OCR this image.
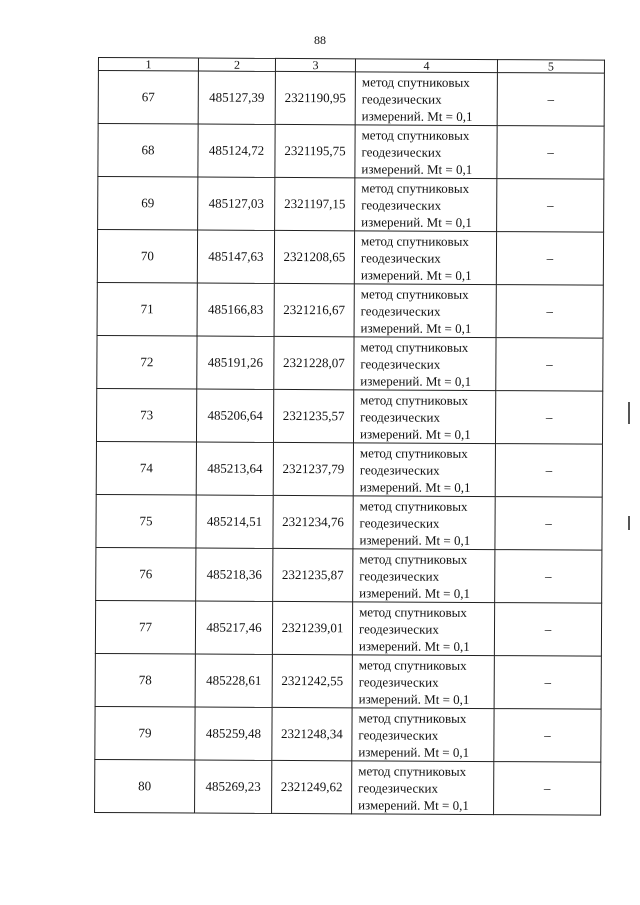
88
1	2	3	4	5
67	485127,39	2321190,95	метод спутниковых
геодезических
измерений. Mt = 0,1	–
68	485124,72	2321195,75	метод спутниковых
геодезических
измерений. Mt = 0,1	–
69	485127,03	2321197,15	метод спутниковых
геодезических
измерений. Mt = 0,1	–
70	485147,63	2321208,65	метод спутниковых
геодезических
измерений. Mt = 0,1	–
71	485166,83	2321216,67	метод спутниковых
геодезических
измерений. Mt = 0,1	–
72	485191,26	2321228,07	метод спутниковых
геодезических
измерений. Mt = 0,1	–
73	485206,64	2321235,57	метод спутниковых
геодезических
измерений. Mt = 0,1	–
74	485213,64	2321237,79	метод спутниковых
геодезических
измерений. Mt = 0,1	–
75	485214,51	2321234,76	метод спутниковых
геодезических
измерений. Mt = 0,1	–
76	485218,36	2321235,87	метод спутниковых
геодезических
измерений. Mt = 0,1	–
77	485217,46	2321239,01	метод спутниковых
геодезических
измерений. Mt = 0,1	–
78	485228,61	2321242,55	метод спутниковых
геодезических
измерений. Mt = 0,1	–
79	485259,48	2321248,34	метод спутниковых
геодезических
измерений. Mt = 0,1	–
80	485269,23	2321249,62	метод спутниковых
геодезических
измерений. Mt = 0,1	–
